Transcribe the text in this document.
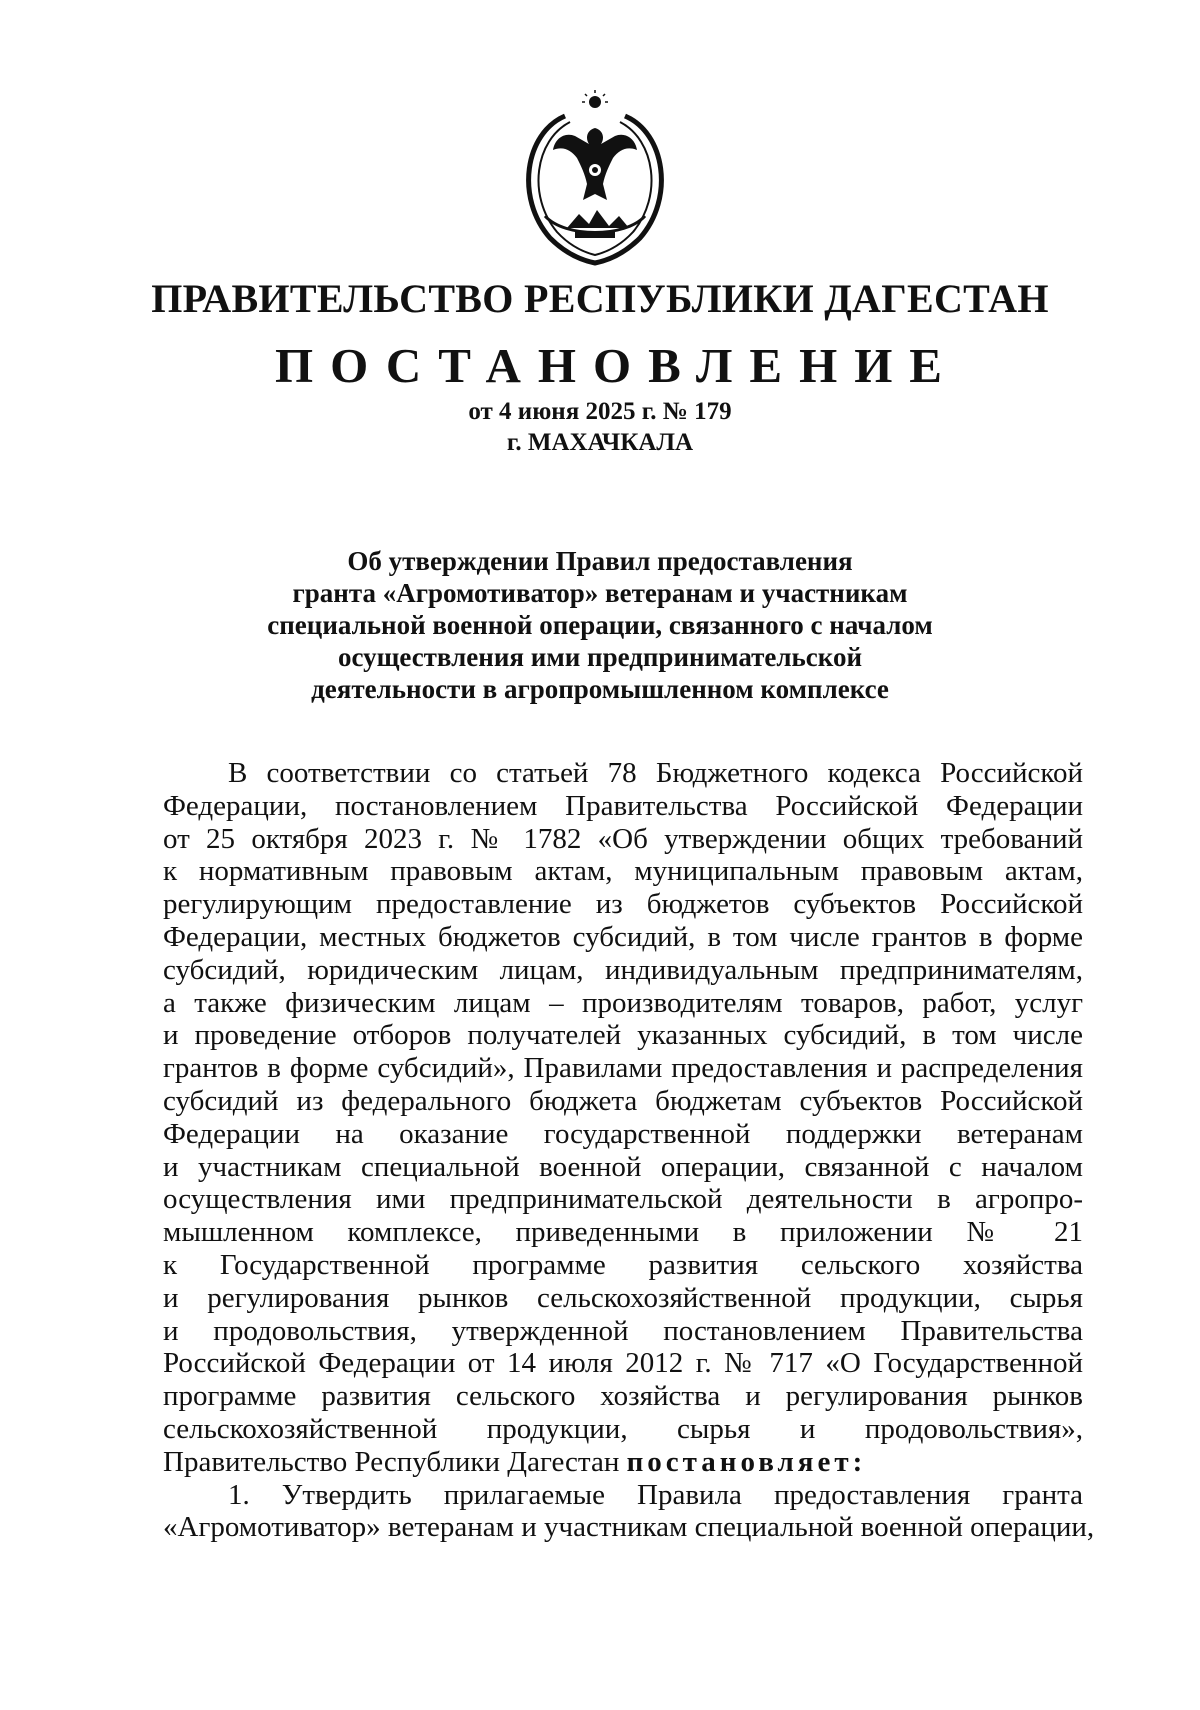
ПРАВИТЕЛЬСТВО РЕСПУБЛИКИ ДАГЕСТАН
ПОСТАНОВЛЕНИЕ
от 4 июня 2025 г. № 179
г. МАХАЧКАЛА
Об утверждении Правил предоставления
гранта «Агромотиватор» ветеранам и участникам
специальной военной операции, связанного с началом
осуществления ими предпринимательской
деятельности в агропромышленном комплексе
В соответствии со статьей 78 Бюджетного кодекса Российской
Федерации, постановлением Правительства Российской Федерации
от 25 октября 2023 г. № 1782 «Об утверждении общих требований
к нормативным правовым актам, муниципальным правовым актам,
регулирующим предоставление из бюджетов субъектов Российской
Федерации, местных бюджетов субсидий, в том числе грантов в форме
субсидий, юридическим лицам, индивидуальным предпринимателям,
а также физическим лицам – производителям товаров, работ, услуг
и проведение отборов получателей указанных субсидий, в том числе
грантов в форме субсидий», Правилами предоставления и распределения
субсидий из федерального бюджета бюджетам субъектов Российской
Федерации на оказание государственной поддержки ветеранам
и участникам специальной военной операции, связанной с началом
осуществления ими предпринимательской деятельности в агропро-
мышленном комплексе, приведенными в приложении № 21
к Государственной программе развития сельского хозяйства
и регулирования рынков сельскохозяйственной продукции, сырья
и продовольствия, утвержденной постановлением Правительства
Российской Федерации от 14 июля 2012 г. № 717 «О Государственной
программе развития сельского хозяйства и регулирования рынков
сельскохозяйственной продукции, сырья и продовольствия»,
Правительство Республики Дагестан постановляет:
1. Утвердить прилагаемые Правила предоставления гранта
«Агромотиватор» ветеранам и участникам специальной военной операции,
